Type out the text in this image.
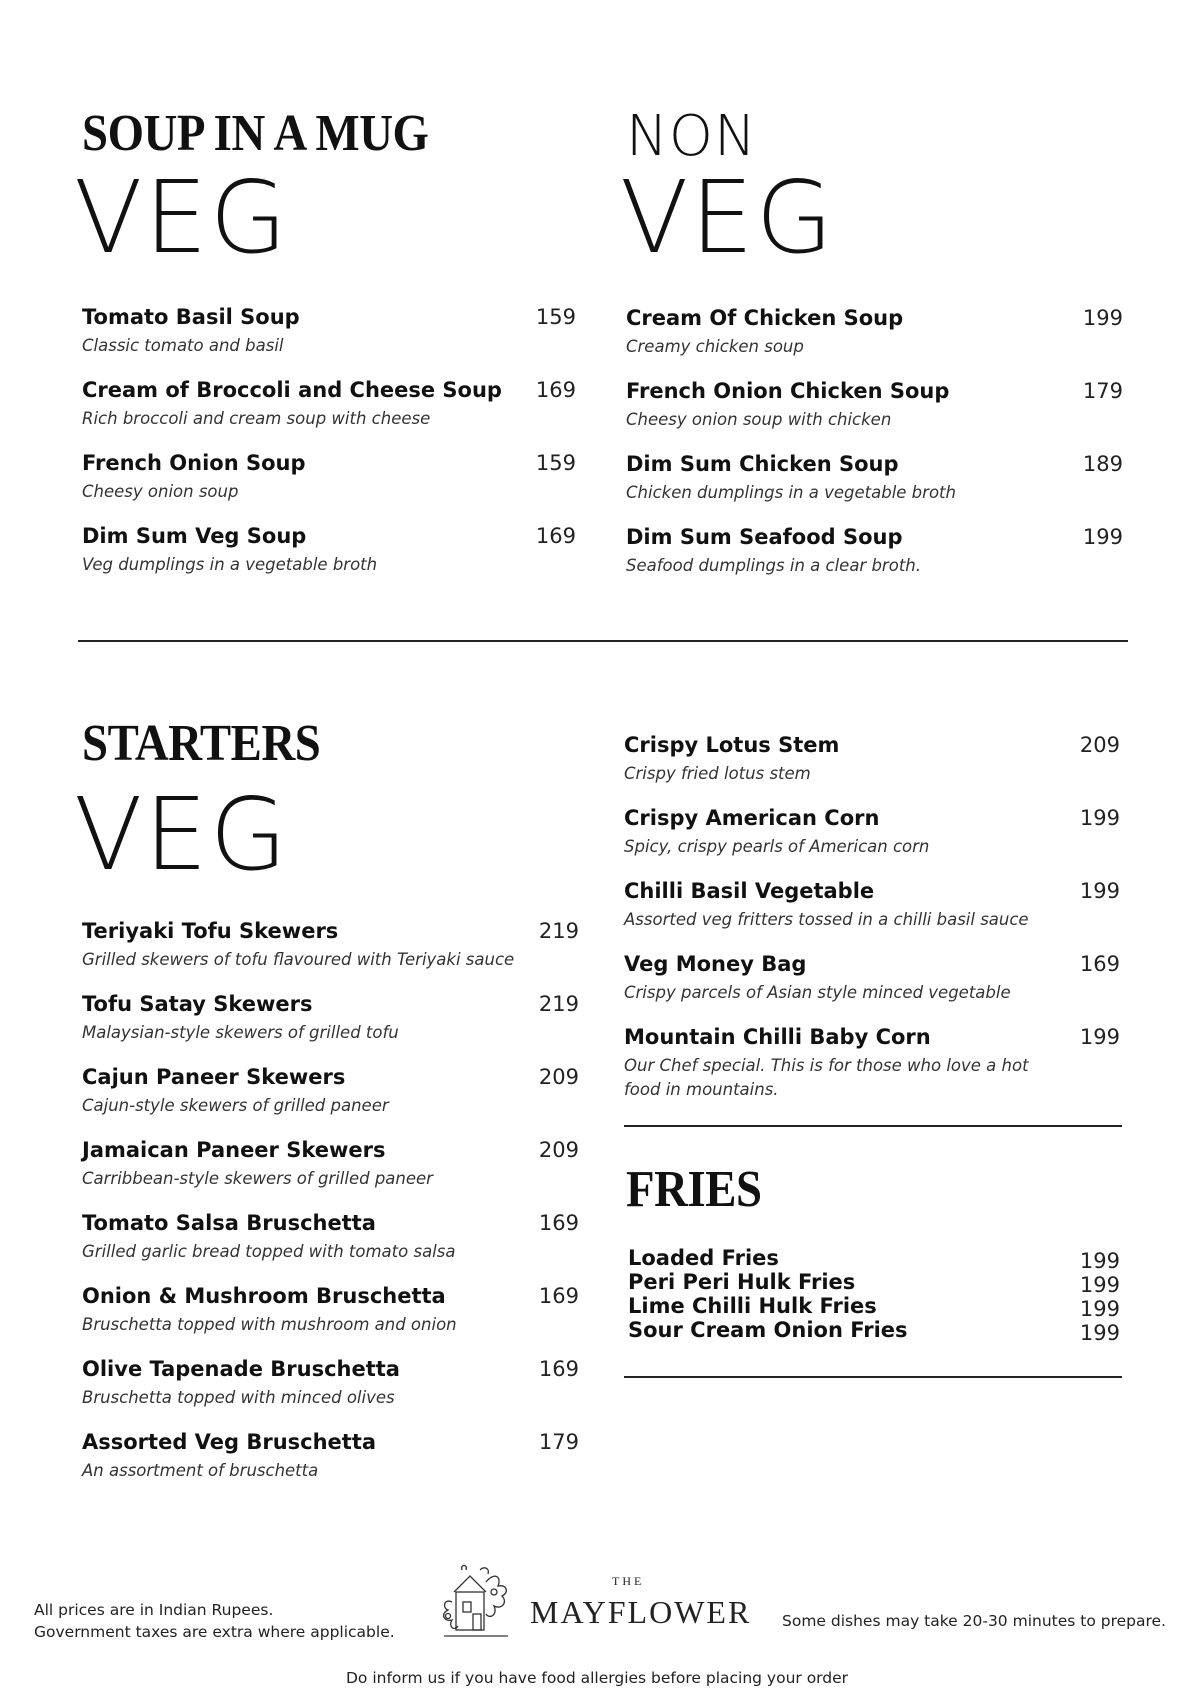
SOUP IN A MUG
VEG
NON
VEG
Tomato Basil Soup
Classic tomato and basil
159
Cream of Broccoli and Cheese Soup
Rich broccoli and cream soup with cheese
169
French Onion Soup
Cheesy onion soup
159
Dim Sum Veg Soup
Veg dumplings in a vegetable broth
169
Cream Of Chicken Soup
Creamy chicken soup
199
French Onion Chicken Soup
Cheesy onion soup with chicken
179
Dim Sum Chicken Soup
Chicken dumplings in a vegetable broth
189
Dim Sum Seafood Soup
Seafood dumplings in a clear broth.
199
STARTERS
VEG
Teriyaki Tofu Skewers
Grilled skewers of tofu flavoured with Teriyaki sauce
219
Tofu Satay Skewers
Malaysian-style skewers of grilled tofu
219
Cajun Paneer Skewers
Cajun-style skewers of grilled paneer
209
Jamaican Paneer Skewers
Carribbean-style skewers of grilled paneer
209
Tomato Salsa Bruschetta
Grilled garlic bread topped with tomato salsa
169
Onion & Mushroom Bruschetta
Bruschetta topped with mushroom and onion
169
Olive Tapenade Bruschetta
Bruschetta topped with minced olives
169
Assorted Veg Bruschetta
An assortment of bruschetta
179
Crispy Lotus Stem
Crispy fried lotus stem
209
Crispy American Corn
Spicy, crispy pearls of American corn
199
Chilli Basil Vegetable
Assorted veg fritters tossed in a chilli basil sauce
199
Veg Money Bag
Crispy parcels of Asian style minced vegetable
169
Mountain Chilli Baby Corn
Our Chef special. This is for those who love a hot
food in mountains.
199
FRIES
Loaded Fries	199
Peri Peri Hulk Fries	199
Lime Chilli Hulk Fries	199
Sour Cream Onion Fries	199
All prices are in Indian Rupees.
Government taxes are extra where applicable.
THE
MAYFLOWER Some dishes may take 20-30 minutes to prepare.
Do inform us if you have food allergies before placing your order
